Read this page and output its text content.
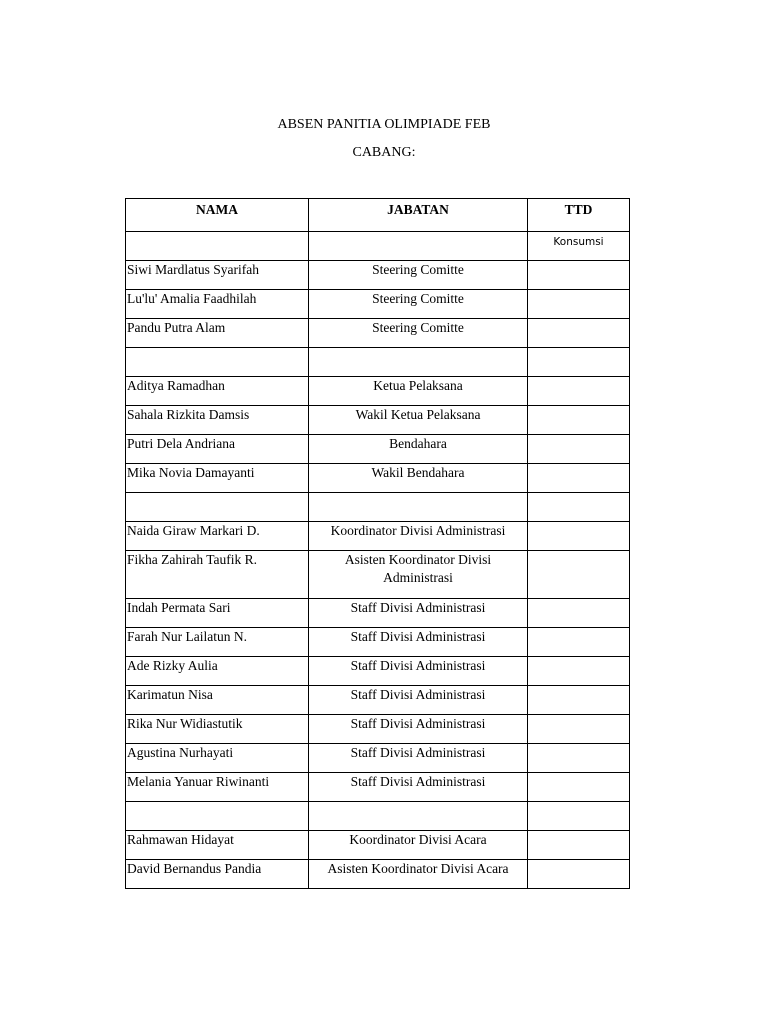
ABSEN PANITIA OLIMPIADE FEB
CABANG:
NAMA	JABATAN	TTD
		Konsumsi
Siwi Mardlatus Syarifah	Steering Comitte	
Lu'lu' Amalia Faadhilah	Steering Comitte	
Pandu Putra Alam	Steering Comitte	

Aditya Ramadhan	Ketua Pelaksana	
Sahala Rizkita Damsis	Wakil Ketua Pelaksana	
Putri Dela Andriana	Bendahara	
Mika Novia Damayanti	Wakil Bendahara	

Naida Giraw Markari D.	Koordinator Divisi Administrasi	
Fikha Zahirah Taufik R.	Asisten Koordinator Divisi Administrasi	
Indah Permata Sari	Staff Divisi Administrasi	
Farah Nur Lailatun N.	Staff Divisi Administrasi	
Ade Rizky Aulia	Staff Divisi Administrasi	
Karimatun Nisa	Staff Divisi Administrasi	
Rika Nur Widiastutik	Staff Divisi Administrasi	
Agustina Nurhayati	Staff Divisi Administrasi	
Melania Yanuar Riwinanti	Staff Divisi Administrasi	

Rahmawan Hidayat	Koordinator Divisi Acara	
David Bernandus Pandia	Asisten Koordinator Divisi Acara	
